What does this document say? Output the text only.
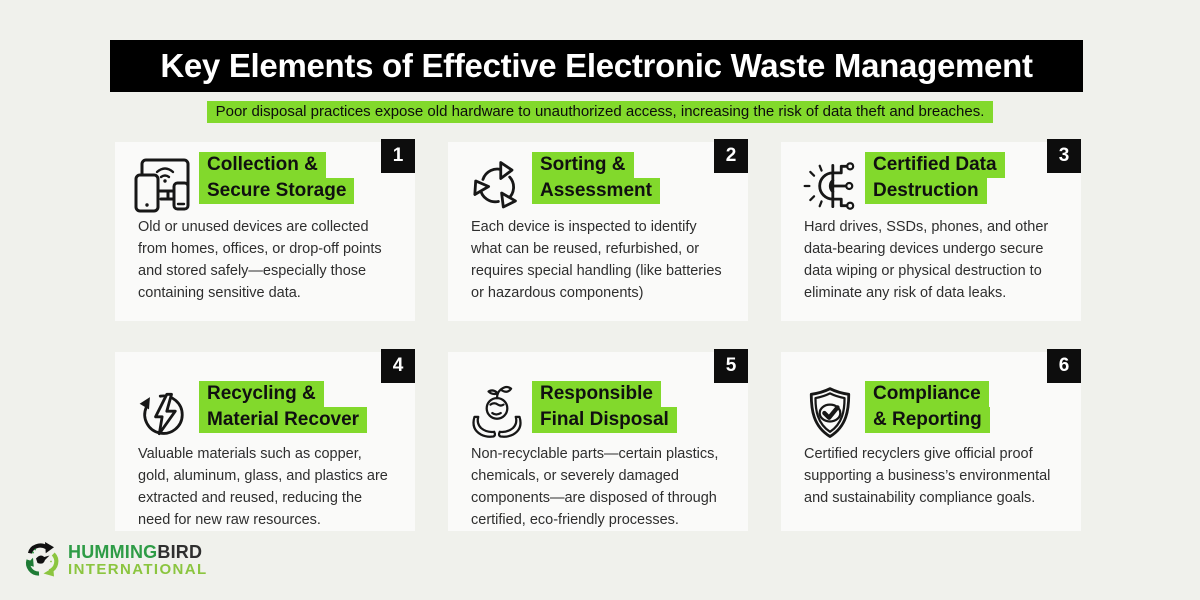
Key Elements of Effective Electronic Waste Management
Poor disposal practices expose old hardware to unauthorized access, increasing the risk of data theft and breaches.
1
Collection &
Secure Storage

Old or unused devices are collected from homes, offices, or drop-off points and stored safely—especially those containing sensitive data.

2
Sorting &
Assessment

Each device is inspected to identify what can be reused, refurbished, or requires special handling (like batteries or hazardous components)

3
Certified Data
Destruction

Hard drives, SSDs, phones, and other data-bearing devices undergo secure data wiping or physical destruction to eliminate any risk of data leaks.

4
Recycling &
Material Recover

Valuable materials such as copper, gold, aluminum, glass, and plastics are extracted and reused, reducing the need for new raw resources.

5
Responsible
Final Disposal

Non-recyclable parts—certain plastics, chemicals, or severely damaged components—are disposed of through certified, eco-friendly processes.

6
Compliance
& Reporting

Certified recyclers give official proof supporting a business’s environmental and sustainability compliance goals.

HUMMINGBIRD
INTERNATIONAL
